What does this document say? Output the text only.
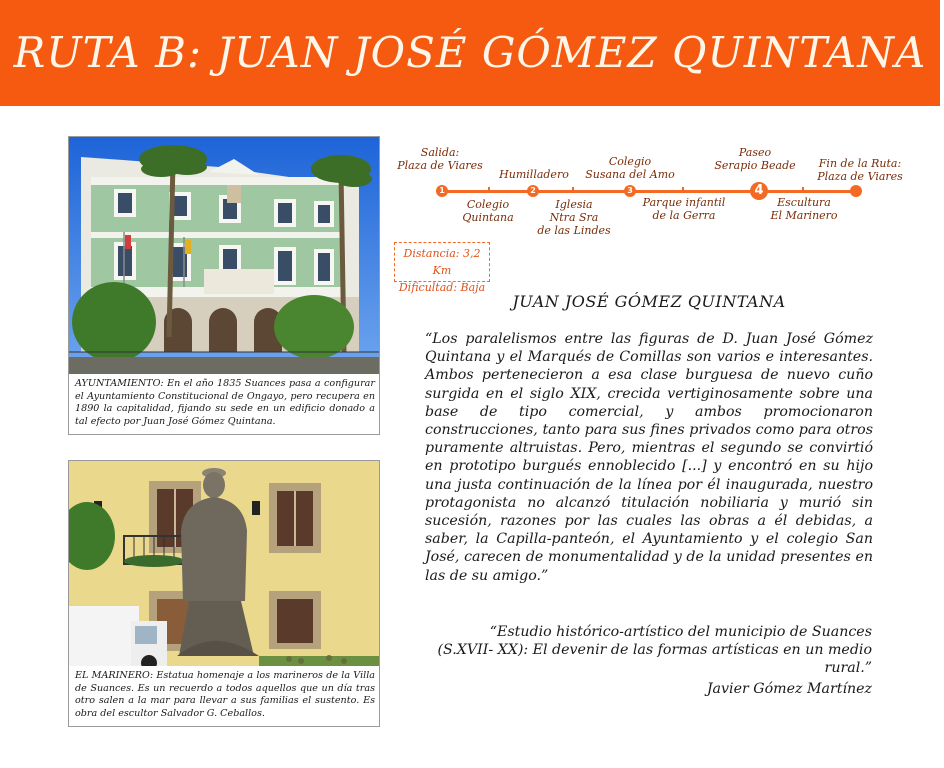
RUTA B: JUAN JOSÉ GÓMEZ QUINTANA
AYUNTAMIENTO: En el año 1835 Suances pasa a configurar el Ayuntamiento Constitucional de Ongayo, pero recupera en 1890 la capitalidad, fijando su sede en un edificio donado a tal efecto por Juan José Gómez Quintana.
EL MARINERO: Estatua homenaje a los marineros de la Villa de Suances. Es un recuerdo a todos aquellos que un día tras otro salen a la mar para llevar a sus familias el sustento. Es obra del escultor Salvador G. Ceballos.
Salida:
Plaza de Viares
Humilladero
Colegio
Susana del Amo
Paseo
Serapio Beade Fin de la Ruta:
Plaza de Viares
1	2	3	4
Colegio
Quintana
Iglesia
Ntra Sra
de las Lindes
Parque infantil
de la Gerra
Escultura
El Marinero
Distancia: 3,2 Km
Dificultad: Baja
JUAN JOSÉ GÓMEZ QUINTANA
“Los paralelismos entre las figuras de D. Juan José Gómez Quintana y el Marqués de Comillas son varios e interesantes. Ambos pertenecieron a esa clase burguesa de nuevo cuño surgida en el siglo XIX, crecida vertiginosamente sobre una base de tipo comercial, y ambos promocionaron construcciones, tanto para sus fines privados como para otros puramente altruistas. Pero, mientras el segundo se convirtió en prototipo burgués ennoblecido [...] y encontró en su hijo una justa continuación de la línea por él inaugurada, nuestro protagonista no alcanzó titulación nobiliaria y murió sin sucesión, razones por las cuales las obras a él debidas, a saber, la Capilla-panteón, el Ayuntamiento y el colegio San José, carecen de monumentalidad y de la unidad presentes en las de su amigo.”
“Estudio histórico-artístico del municipio de Suances (S.XVII- XX): El devenir de las formas artísticas en un medio rural.”
Javier Gómez Martínez
